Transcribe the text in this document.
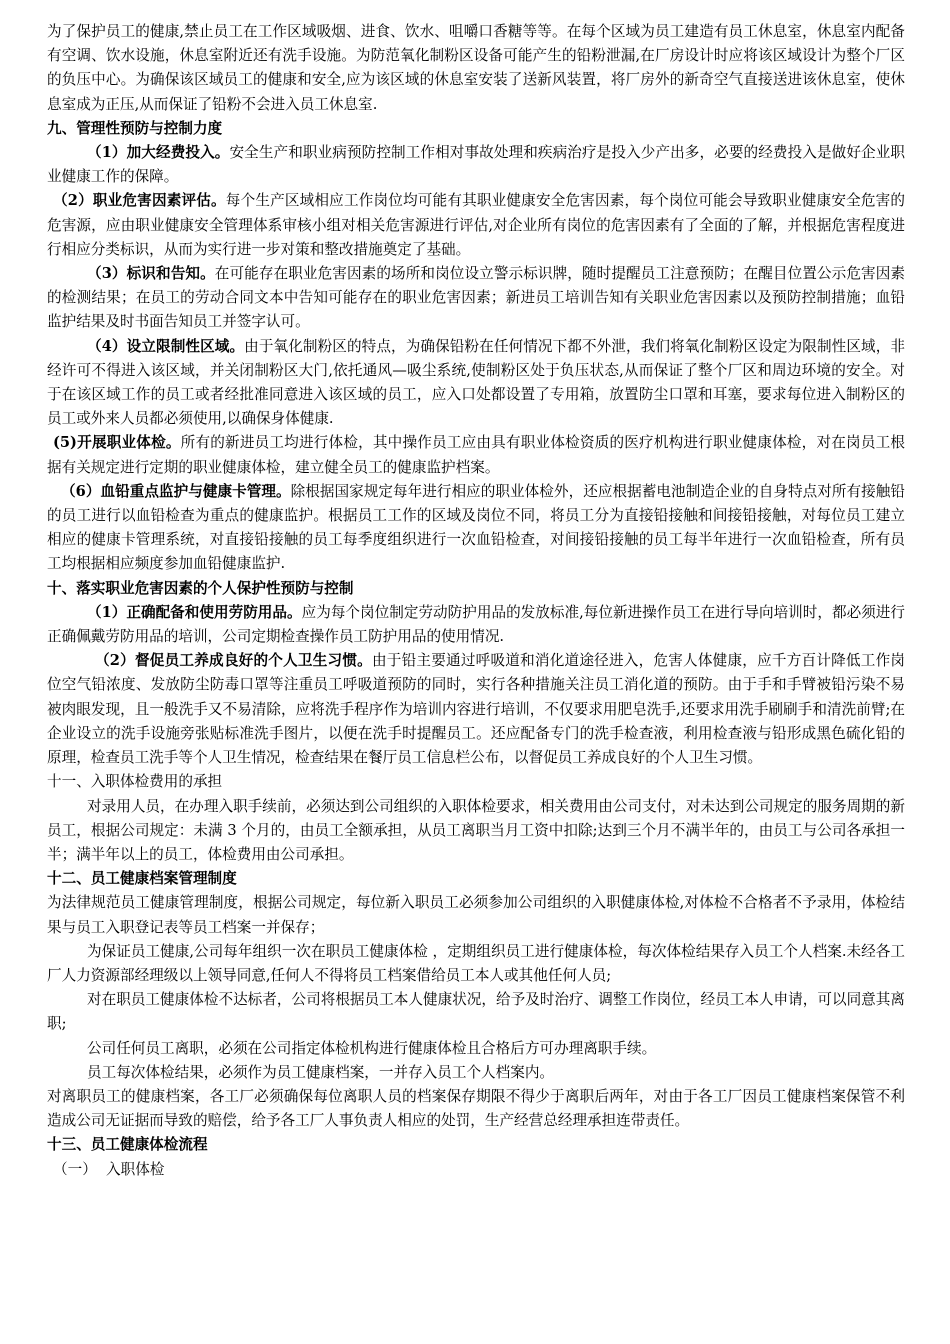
为了保护员工的健康,禁止员工在工作区域吸烟、进食、饮水、咀嚼口香糖等等。在每个区域为员工建造有员工休息室，休息室内配备有空调、饮水设施，休息室附近还有洗手设施。为防范氧化制粉区设备可能产生的铅粉泄漏,在厂房设计时应将该区域设计为整个厂区的负压中心。为确保该区域员工的健康和安全,应为该区域的休息室安装了送新风装置，将厂房外的新奇空气直接送进该休息室，使休息室成为正压,从而保证了铅粉不会进入员工休息室.

九、管理性预防与控制力度

（1）加大经费投入。安全生产和职业病预防控制工作相对事故处理和疾病治疗是投入少产出多，必要的经费投入是做好企业职业健康工作的保障。

（2）职业危害因素评估。每个生产区域相应工作岗位均可能有其职业健康安全危害因素，每个岗位可能会导致职业健康安全危害的危害源，应由职业健康安全管理体系审核小组对相关危害源进行评估,对企业所有岗位的危害因素有了全面的了解，并根据危害程度进行相应分类标识，从而为实行进一步对策和整改措施奠定了基础。

（3）标识和告知。在可能存在职业危害因素的场所和岗位设立警示标识牌，随时提醒员工注意预防；在醒目位置公示危害因素的检测结果；在员工的劳动合同文本中告知可能存在的职业危害因素；新进员工培训告知有关职业危害因素以及预防控制措施；血铅监护结果及时书面告知员工并签字认可。

（4）设立限制性区域。由于氧化制粉区的特点，为确保铅粉在任何情况下都不外泄，我们将氧化制粉区设定为限制性区域，非经许可不得进入该区域，并关闭制粉区大门,依托通风—吸尘系统,使制粉区处于负压状态,从而保证了整个厂区和周边环境的安全。对于在该区域工作的员工或者经批准同意进入该区域的员工，应入口处都设置了专用箱，放置防尘口罩和耳塞，要求每位进入制粉区的员工或外来人员都必须使用,以确保身体健康.

(5)开展职业体检。所有的新进员工均进行体检，其中操作员工应由具有职业体检资质的医疗机构进行职业健康体检，对在岗员工根据有关规定进行定期的职业健康体检，建立健全员工的健康监护档案。

（6）血铅重点监护与健康卡管理。除根据国家规定每年进行相应的职业体检外，还应根据蓄电池制造企业的自身特点对所有接触铅的员工进行以血铅检查为重点的健康监护。根据员工工作的区域及岗位不同，将员工分为直接铅接触和间接铅接触，对每位员工建立相应的健康卡管理系统，对直接铅接触的员工每季度组织进行一次血铅检查，对间接铅接触的员工每半年进行一次血铅检查，所有员工均根据相应频度参加血铅健康监护.

十、落实职业危害因素的个人保护性预防与控制

（1）正确配备和使用劳防用品。应为每个岗位制定劳动防护用品的发放标准,每位新进操作员工在进行导向培训时，都必须进行正确佩戴劳防用品的培训，公司定期检查操作员工防护用品的使用情况.

（2）督促员工养成良好的个人卫生习惯。由于铅主要通过呼吸道和消化道途径进入，危害人体健康，应千方百计降低工作岗位空气铅浓度、发放防尘防毒口罩等注重员工呼吸道预防的同时，实行各种措施关注员工消化道的预防。由于手和手臂被铅污染不易被肉眼发现，且一般洗手又不易清除，应将洗手程序作为培训内容进行培训，不仅要求用肥皂洗手,还要求用洗手刷刷手和清洗前臂;在企业设立的洗手设施旁张贴标准洗手图片，以便在洗手时提醒员工。还应配备专门的洗手检查液，利用检查液与铅形成黑色硫化铅的原理，检查员工洗手等个人卫生情况，检查结果在餐厅员工信息栏公布，以督促员工养成良好的个人卫生习惯。

十一、入职体检费用的承担

对录用人员，在办理入职手续前，必须达到公司组织的入职体检要求，相关费用由公司支付，对未达到公司规定的服务周期的新员工，根据公司规定：未满 3 个月的，由员工全额承担，从员工离职当月工资中扣除;达到三个月不满半年的，由员工与公司各承担一半；满半年以上的员工，体检费用由公司承担。

十二、员工健康档案管理制度

为法律规范员工健康管理制度，根据公司规定，每位新入职员工必须参加公司组织的入职健康体检,对体检不合格者不予录用，体检结果与员工入职登记表等员工档案一并保存；

为保证员工健康,公司每年组织一次在职员工健康体检 ，定期组织员工进行健康体检，每次体检结果存入员工个人档案.未经各工厂人力资源部经理级以上领导同意,任何人不得将员工档案借给员工本人或其他任何人员;

对在职员工健康体检不达标者，公司将根据员工本人健康状况，给予及时治疗、调整工作岗位，经员工本人申请，可以同意其离职;

公司任何员工离职，必须在公司指定体检机构进行健康体检且合格后方可办理离职手续。

员工每次体检结果，必须作为员工健康档案，一并存入员工个人档案内。

对离职员工的健康档案，各工厂必须确保每位离职人员的档案保存期限不得少于离职后两年，对由于各工厂因员工健康档案保管不利造成公司无证据而导致的赔偿，给予各工厂人事负责人相应的处罚，生产经营总经理承担连带责任。

十三、员工健康体检流程

（一）  入职体检
